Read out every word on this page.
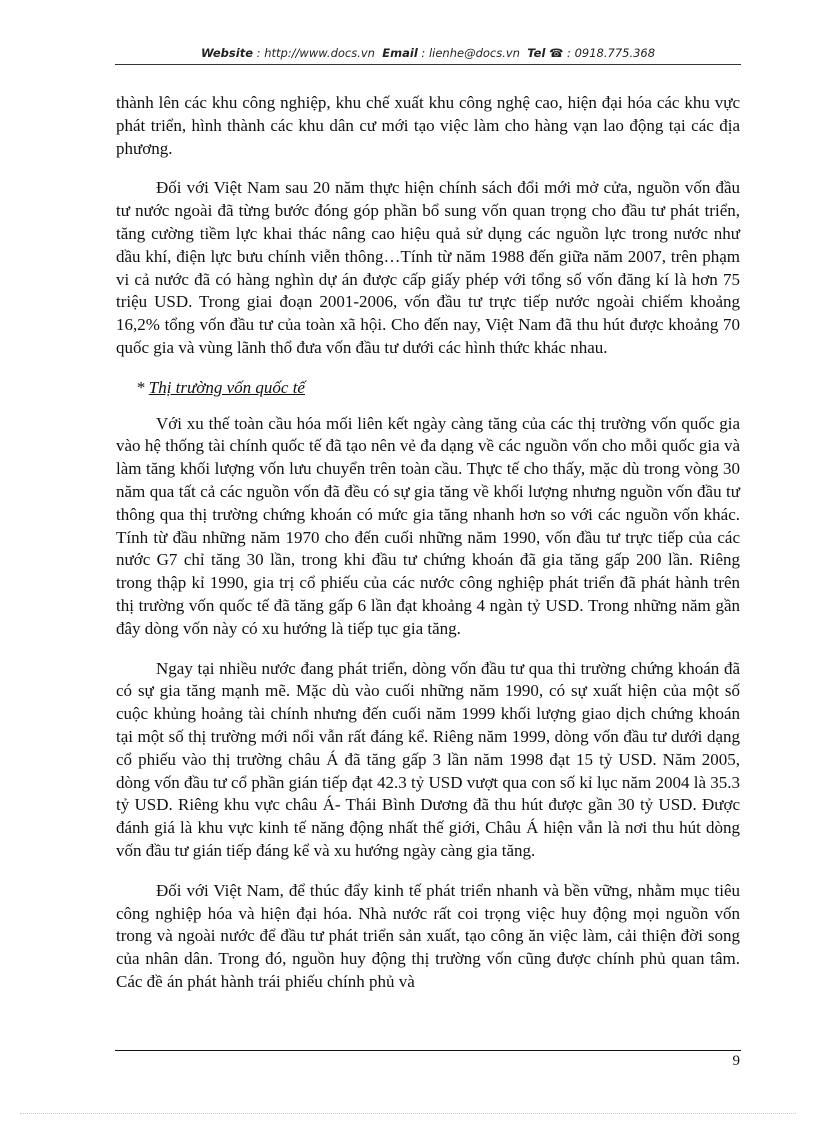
Website : http://www.docs.vn Email : lienhe@docs.vn Tel ☎ : 0918.775.368

thành lên các khu công nghiệp, khu chế xuất khu công nghệ cao, hiện đại hóa các khu vực phát triển, hình thành các khu dân cư mới tạo việc làm cho hàng vạn lao động tại các địa phương.

Đối với Việt Nam sau 20 năm thực hiện chính sách đổi mới mở cửa, nguồn vốn đầu tư nước ngoài đã từng bước đóng góp phần bổ sung vốn quan trọng cho đầu tư phát triển, tăng cường tiềm lực khai thác nâng cao hiệu quả sử dụng các nguồn lực trong nước như dầu khí, điện lực bưu chính viễn thông…Tính từ năm 1988 đến giữa năm 2007, trên phạm vi cả nước đã có hàng nghìn dự án được cấp giấy phép với tổng số vốn đăng kí là hơn 75 triệu USD. Trong giai đoạn 2001-2006, vốn đầu tư trực tiếp nước ngoài chiếm khoảng 16,2% tổng vốn đầu tư của toàn xã hội. Cho đến nay, Việt Nam đã thu hút được khoảng 70 quốc gia và vùng lãnh thổ đưa vốn đầu tư dưới các hình thức khác nhau.

* Thị trường vốn quốc tế

Với xu thế toàn cầu hóa mối liên kết ngày càng tăng của các thị trường vốn quốc gia vào hệ thống tài chính quốc tế đã tạo nên vẻ đa dạng về các nguồn vốn cho mỗi quốc gia và làm tăng khối lượng vốn lưu chuyển trên toàn cầu. Thực tế cho thấy, mặc dù trong vòng 30 năm qua tất cả các nguồn vốn đã đều có sự gia tăng về khối lượng nhưng nguồn vốn đầu tư thông qua thị trường chứng khoán có mức gia tăng nhanh hơn so với các nguồn vốn khác. Tính từ đầu những năm 1970 cho đến cuối những năm 1990, vốn đầu tư trực tiếp của các nước G7 chỉ tăng 30 lần, trong khi đầu tư chứng khoán đã gia tăng gấp 200 lần. Riêng trong thập kỉ 1990, gia trị cổ phiếu của các nước công nghiệp phát triển đã phát hành trên thị trường vốn quốc tế đã tăng gấp 6 lần đạt khoảng 4 ngàn tỷ USD. Trong những năm gần đây dòng vốn này có xu hướng là tiếp tục gia tăng.

Ngay tại nhiều nước đang phát triển, dòng vốn đầu tư qua thi trường chứng khoán đã có sự gia tăng mạnh mẽ. Mặc dù vào cuối những năm 1990, có sự xuất hiện của một số cuộc khủng hoảng tài chính nhưng đến cuối năm 1999 khối lượng giao dịch chứng khoán tại một số thị trường mới nổi vẫn rất đáng kể. Riêng năm 1999, dòng vốn đầu tư dưới dạng cổ phiếu vào thị trường châu Á đã tăng gấp 3 lần năm 1998 đạt 15 tỷ USD. Năm 2005, dòng vốn đầu tư cổ phần gián tiếp đạt 42.3 tỷ USD vượt qua con số kỉ lục năm 2004 là 35.3 tỷ USD. Riêng khu vực châu Á- Thái Bình Dương đã thu hút được gần 30 tỷ USD. Được đánh giá là khu vực kinh tế năng động nhất thế giới, Châu Á hiện vẫn là nơi thu hút dòng vốn đầu tư gián tiếp đáng kể và xu hướng ngày càng gia tăng.

Đối với Việt Nam, để thúc đẩy kinh tế phát triển nhanh và bền vững, nhằm mục tiêu công nghiệp hóa và hiện đại hóa. Nhà nước rất coi trọng việc huy động mọi nguồn vốn trong và ngoài nước để đầu tư phát triển sản xuất, tạo công ăn việc làm, cải thiện đời song của nhân dân. Trong đó, nguồn huy động thị trường vốn cũng được chính phủ quan tâm. Các đề án phát hành trái phiếu chính phủ và

9
